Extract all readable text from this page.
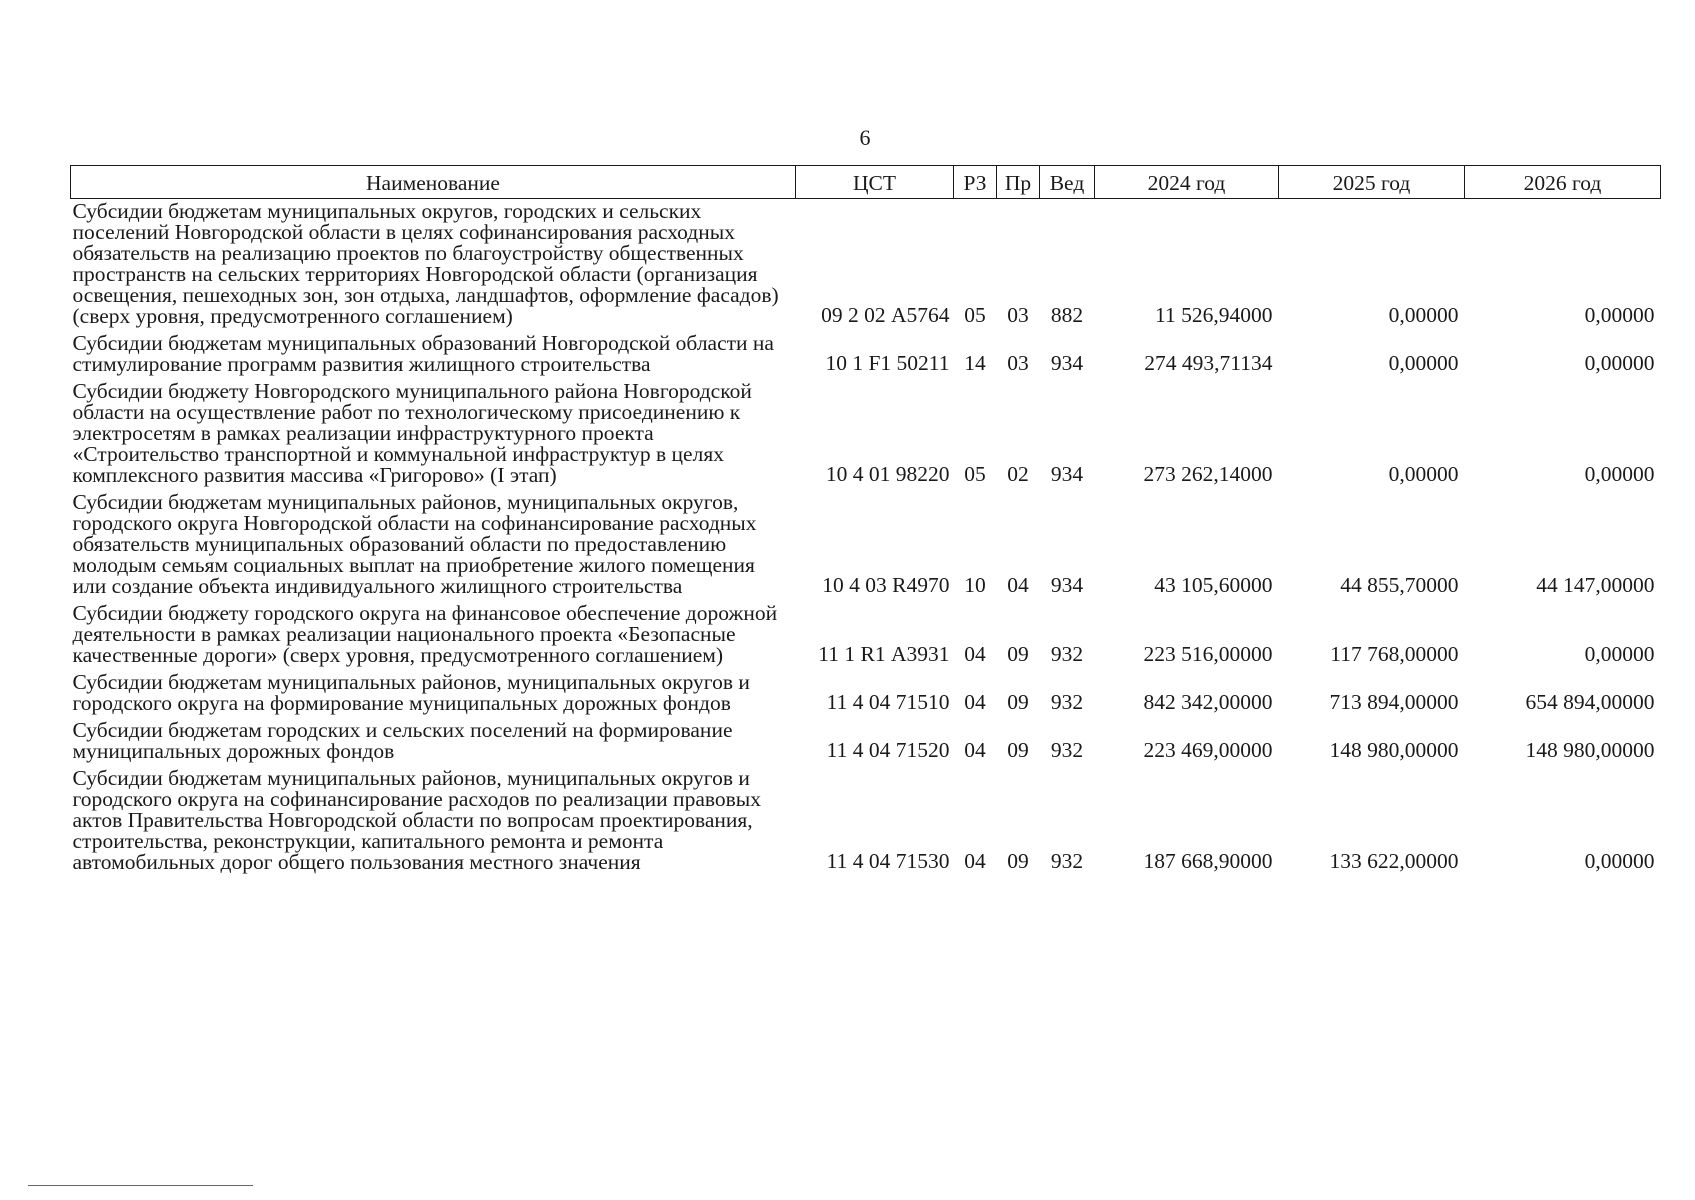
6
Наименование	ЦСТ	РЗ	Пр	Вед	2024 год	2025 год	2026 год
Субсидии бюджетам муниципальных округов, городских и сельских поселений Новгородской области в целях софинансирования расходных обязательств на реализацию проектов по благоустройству общественных пространств на сельских территориях Новгородской области (организация освещения, пешеходных зон, зон отдыха, ландшафтов, оформление фасадов) (сверх уровня, предусмотренного соглашением)	09 2 02 А5764	05	03	882	11 526,94000	0,00000	0,00000
Субсидии бюджетам муниципальных образований Новгородской области на стимулирование программ развития жилищного строительства	10 1 F1 50211	14	03	934	274 493,71134	0,00000	0,00000
Субсидии бюджету Новгородского муниципального района Новгородской области на осуществление работ по технологическому присоединению к электросетям в рамках реализации инфраструктурного проекта «Строительство транспортной и коммунальной инфраструктур в целях комплексного развития массива «Григорово» (I этап)	10 4 01 98220	05	02	934	273 262,14000	0,00000	0,00000
Субсидии бюджетам муниципальных районов, муниципальных округов, городского округа Новгородской области на софинансирование расходных обязательств муниципальных образований области по предоставлению молодым семьям социальных выплат на приобретение жилого помещения или создание объекта индивидуального жилищного строительства	10 4 03 R4970	10	04	934	43 105,60000	44 855,70000	44 147,00000
Субсидии бюджету городского округа на финансовое обеспечение дорожной деятельности в рамках реализации национального проекта «Безопасные качественные дороги» (сверх уровня, предусмотренного соглашением)	11 1 R1 А3931	04	09	932	223 516,00000	117 768,00000	0,00000
Субсидии бюджетам муниципальных районов, муниципальных округов и городского округа на формирование муниципальных дорожных фондов	11 4 04 71510	04	09	932	842 342,00000	713 894,00000	654 894,00000
Субсидии бюджетам городских и сельских поселений на формирование муниципальных дорожных фондов	11 4 04 71520	04	09	932	223 469,00000	148 980,00000	148 980,00000
Субсидии бюджетам муниципальных районов, муниципальных округов и городского округа на софинансирование расходов по реализации правовых актов Правительства Новгородской области по вопросам проектирования, строительства, реконструкции, капитального ремонта и ремонта автомобильных дорог общего пользования местного значения	11 4 04 71530	04	09	932	187 668,90000	133 622,00000	0,00000
